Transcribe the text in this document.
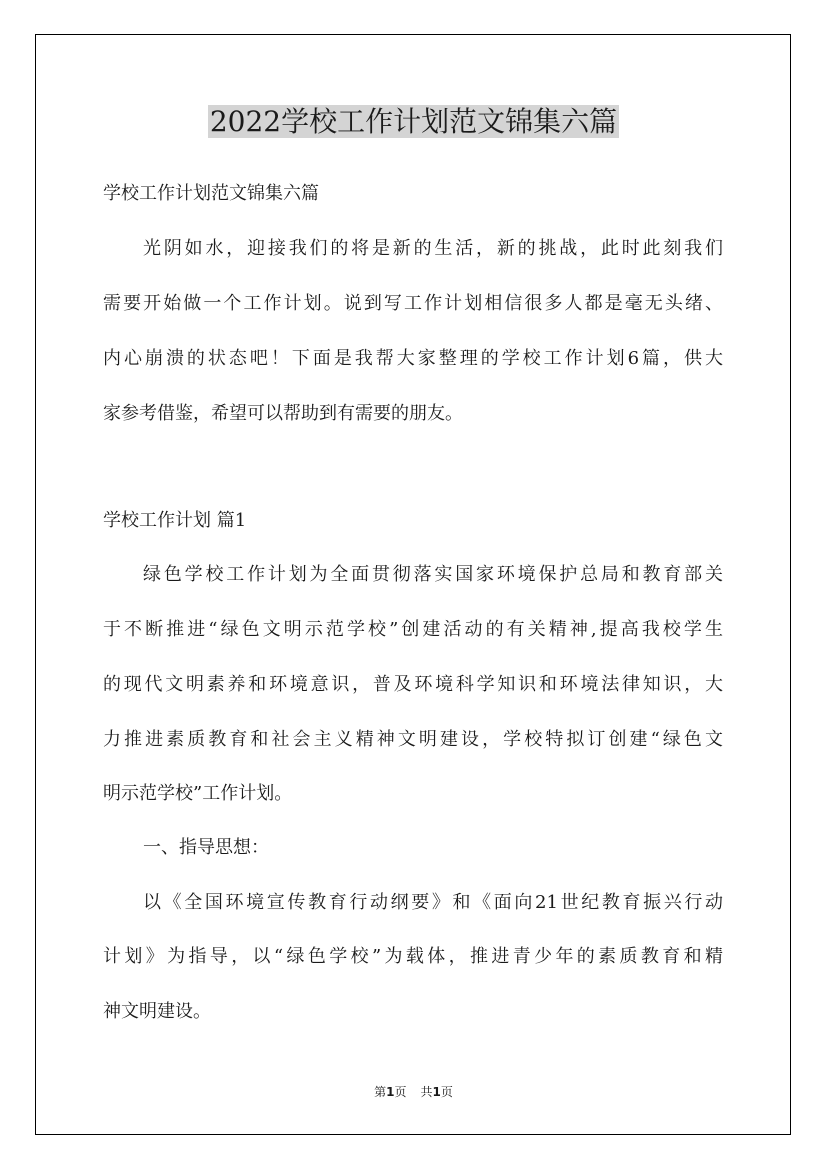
2022学校工作计划范文锦集六篇

学校工作计划范文锦集六篇

光阴如水，迎接我们的将是新的生活，新的挑战，此时此刻我们

需要开始做一个工作计划。说到写工作计划相信很多人都是毫无头绪、

内心崩溃的状态吧！下面是我帮大家整理的学校工作计划6篇，供大

家参考借鉴，希望可以帮助到有需要的朋友。

学校工作计划 篇1

绿色学校工作计划为全面贯彻落实国家环境保护总局和教育部关

于不断推进“绿色文明示范学校”创建活动的有关精神,提高我校学生

的现代文明素养和环境意识，普及环境科学知识和环境法律知识，大

力推进素质教育和社会主义精神文明建设，学校特拟订创建“绿色文

明示范学校”工作计划。

一、指导思想：

以《全国环境宣传教育行动纲要》和《面向21世纪教育振兴行动

计划》为指导，以“绿色学校”为载体，推进青少年的素质教育和精

神文明建设。

第1页 共1页
